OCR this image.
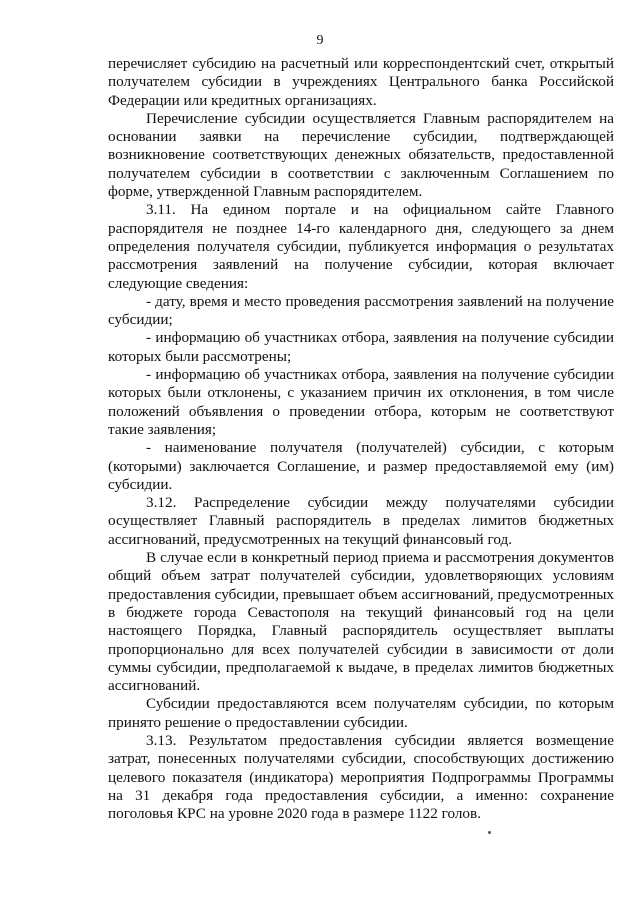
9

перечисляет субсидию на расчетный или корреспондентский счет, открытый получателем субсидии в учреждениях Центрального банка Российской Федерации или кредитных организациях.

Перечисление субсидии осуществляется Главным распорядителем на основании заявки на перечисление субсидии, подтверждающей возникновение соответствующих денежных обязательств, предоставленной получателем субсидии в соответствии с заключенным Соглашением по форме, утвержденной Главным распорядителем.

3.11. На едином портале и на официальном сайте Главного распорядителя не позднее 14-го календарного дня, следующего за днем определения получателя субсидии, публикуется информация о результатах рассмотрения заявлений на получение субсидии, которая включает следующие сведения:

- дату, время и место проведения рассмотрения заявлений на получение субсидии;

- информацию об участниках отбора, заявления на получение субсидии которых были рассмотрены;

- информацию об участниках отбора, заявления на получение субсидии которых были отклонены, с указанием причин их отклонения, в том числе положений объявления о проведении отбора, которым не соответствуют такие заявления;

- наименование получателя (получателей) субсидии, с которым (которыми) заключается Соглашение, и размер предоставляемой ему (им) субсидии.

3.12. Распределение субсидии между получателями субсидии осуществляет Главный распорядитель в пределах лимитов бюджетных ассигнований, предусмотренных на текущий финансовый год.

В случае если в конкретный период приема и рассмотрения документов общий объем затрат получателей субсидии, удовлетворяющих условиям предоставления субсидии, превышает объем ассигнований, предусмотренных в бюджете города Севастополя на текущий финансовый год на цели настоящего Порядка, Главный распорядитель осуществляет выплаты пропорционально для всех получателей субсидии в зависимости от доли суммы субсидии, предполагаемой к выдаче, в пределах лимитов бюджетных ассигнований.

Субсидии предоставляются всем получателям субсидии, по которым принято решение о предоставлении субсидии.

3.13. Результатом предоставления субсидии является возмещение затрат, понесенных получателями субсидии, способствующих достижению целевого показателя (индикатора) мероприятия Подпрограммы Программы на 31 декабря года предоставления субсидии, а именно: сохранение поголовья КРС на уровне 2020 года в размере 1122 голов.
